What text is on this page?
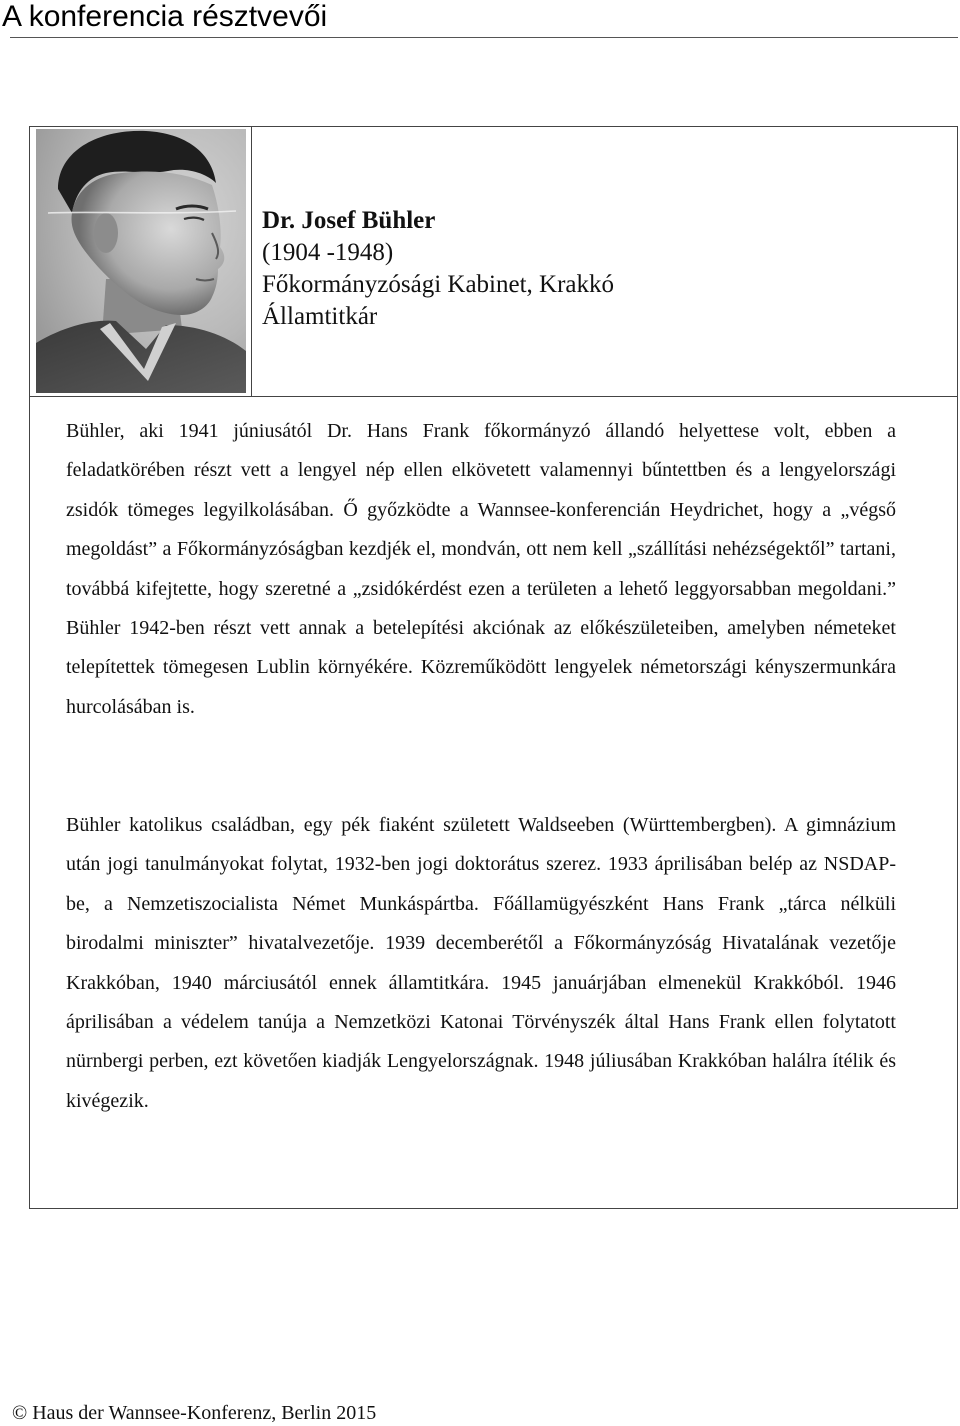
A konferencia résztvevői
Dr. Josef Bühler
(1904 -1948)
Főkormányzósági Kabinet, Krakkó
Államtitkár

Bühler, aki 1941 júniusától Dr. Hans Frank főkormányzó állandó helyettese volt, ebben a feladatkörében részt vett a lengyel nép ellen elkövetett valamennyi bűntettben és a lengyelországi zsidók tömeges legyilkolásában. Ő győzködte a Wannsee-konferencián Heydrichet, hogy a „végső megoldást” a Főkormányzóságban kezdjék el, mondván, ott nem kell „szállítási nehézségektől” tartani, továbbá kifejtette, hogy szeretné a „zsidókérdést ezen a területen a lehető leggyorsabban megoldani.” Bühler 1942-ben részt vett annak a betelepítési akciónak az előkészületeiben, amelyben németeket telepítettek tömegesen Lublin környékére. Közreműködött lengyelek németországi kényszermunkára hurcolásában is.

Bühler katolikus családban, egy pék fiaként született Waldseeben (Württembergben). A gimnázium után jogi tanulmányokat folytat, 1932-ben jogi doktorátus szerez. 1933 áprilisában belép az NSDAP-be, a Nemzetiszocialista Német Munkáspártba. Főállamügyészként Hans Frank „tárca nélküli birodalmi miniszter” hivatalvezetője. 1939 decemberétől a Főkormányzóság Hivatalának vezetője Krakkóban, 1940 márciusától ennek államtitkára. 1945 januárjában elmenekül Krakkóból. 1946 áprilisában a védelem tanúja a Nemzetközi Katonai Törvényszék által Hans Frank ellen folytatott nürnbergi perben, ezt követően kiadják Lengyelországnak. 1948 júliusában Krakkóban halálra ítélik és kivégezik.

© Haus der Wannsee-Konferenz, Berlin 2015
